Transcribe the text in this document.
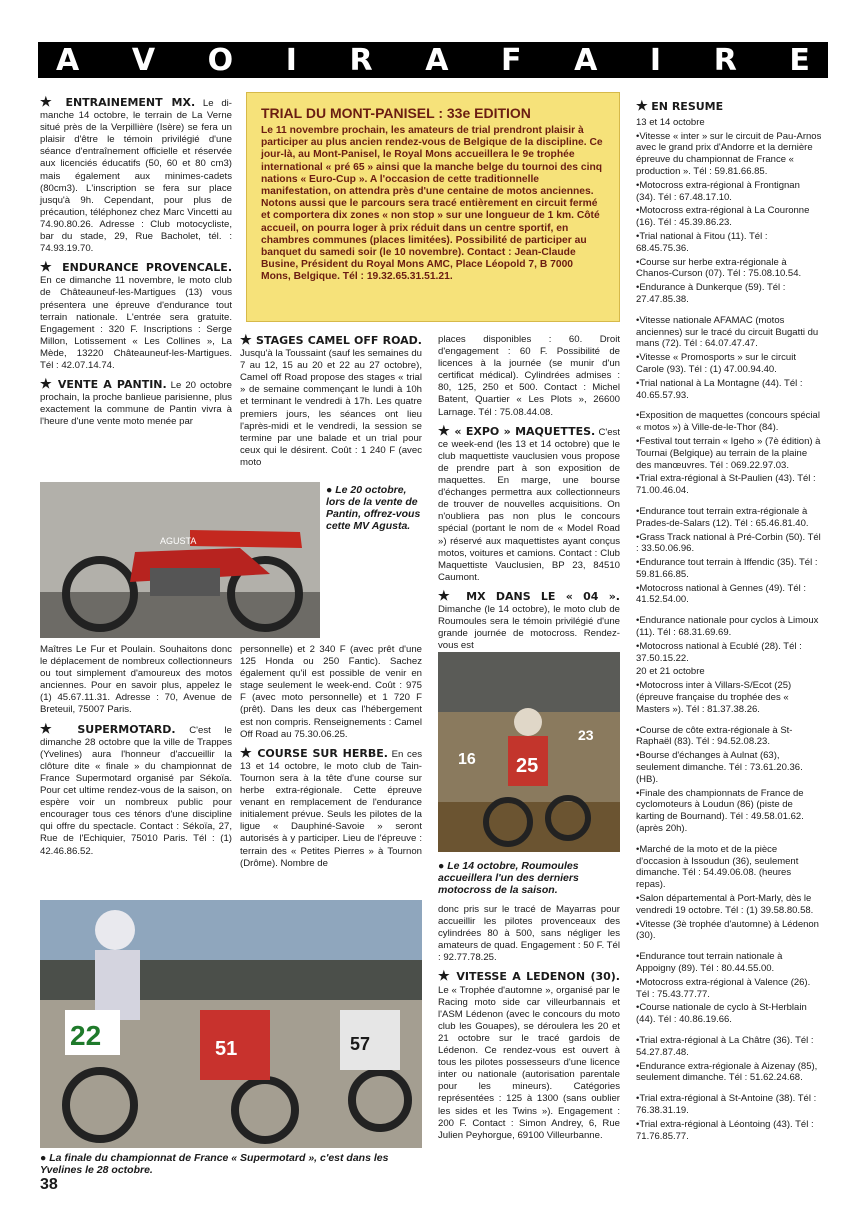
A V O I R A F A I R E

★ ENTRAINEMENT MX. Le di-manche 14 octobre, le terrain de La Verne situé près de la Verpillière (Isère) se fera un plaisir d'être le témoin privilégié d'une séance d'entraînement officielle et réservée aux licenciés éducatifs (50, 60 et 80 cm3) mais également aux minimes-cadets (80cm3). L'inscription se fera sur place jusqu'à 9h. Cependant, pour plus de précaution, téléphonez chez Marc Vincetti au 74.90.80.26. Adresse : Club motocycliste, bar du stade, 29, Rue Bacholet, tél. : 74.93.19.70.

★ ENDURANCE PROVENCALE. En ce dimanche 11 novembre, le moto club de Châteauneuf-les-Martigues (13) vous présentera une épreuve d'endurance tout terrain nationale. L'entrée sera gratuite. Engagement : 320 F. Inscriptions : Serge Millon, Lotissement « Les Collines », La Mède, 13220 Châteauneuf-les-Martigues. Tél : 42.07.14.74.

★ VENTE A PANTIN. Le 20 octobre prochain, la proche banlieue parisienne, plus exactement la commune de Pantin vivra à l'heure d'une vente moto menée par

TRIAL DU MONT-PANISEL : 33e EDITION
Le 11 novembre prochain, les amateurs de trial prendront plaisir à participer au plus ancien rendez-vous de Belgique de la discipline. Ce jour-là, au Mont-Panisel, le Royal Mons accueillera le 9e trophée international « pré 65 » ainsi que la manche belge du tournoi des cinq nations « Euro-Cup ». A l'occasion de cette traditionnelle manifestation, on attendra près d'une centaine de motos anciennes. Notons aussi que le parcours sera tracé entièrement en circuit fermé et comportera dix zones « non stop » sur une longueur de 1 km. Côté accueil, on pourra loger à prix réduit dans un centre sportif, en chambres communes (places limitées). Possibilité de participer au banquet du samedi soir (le 10 novembre). Contact : Jean-Claude Busine, Président du Royal Mons AMC, Place Léopold 7, B 7000 Mons, Belgique. Tél : 19.32.65.31.51.21.
AGUSTA
● Le 20 octobre, lors de la vente de Pantin, offrez-vous cette MV Agusta.

Maîtres Le Fur et Poulain. Souhaitons donc le déplacement de nombreux collectionneurs ou tout simplement d'amoureux des motos anciennes. Pour en savoir plus, appelez le (1) 45.67.11.31. Adresse : 70, Avenue de Breteuil, 75007 Paris.

★ SUPERMOTARD. C'est le dimanche 28 octobre que la ville de Trappes (Yvelines) aura l'honneur d'accueillir la clôture dite « finale » du championnat de France Supermotard organisé par Sékoïa. Pour cet ultime rendez-vous de la saison, on espère voir un nombreux public pour encourager tous ces ténors d'une discipline qui offre du spectacle. Contact : Sékoïa, 27, Rue de l'Echiquier, 75010 Paris. Tél : (1) 42.46.86.52.

★ STAGES CAMEL OFF ROAD. Jusqu'à la Toussaint (sauf les semaines du 7 au 12, 15 au 20 et 22 au 27 octobre), Camel off Road propose des stages « trial » de semaine commençant le lundi à 10h et terminant le vendredi à 17h. Les quatre premiers jours, les séances ont lieu l'après-midi et le vendredi, la session se termine par une balade et un trial pour ceux qui le désirent. Coût : 1 240 F (avec moto

personnelle) et 2 340 F (avec prêt d'une 125 Honda ou 250 Fantic). Sachez également qu'il est possible de venir en stage seulement le week-end. Coût : 975 F (avec moto personnelle) et 1 720 F (prêt). Dans les deux cas l'hébergement est non compris. Renseignements : Camel Off Road au 75.30.06.25.

★ COURSE SUR HERBE. En ces 13 et 14 octobre, le moto club de Tain-Tournon sera à la tête d'une course sur herbe extra-régionale. Cette épreuve venant en remplacement de l'endurance initialement prévue. Seuls les pilotes de la ligue « Dauphiné-Savoie » seront autorisés à y participer. Lieu de l'épreuve : terrain des « Petites Pierres » à Tournon (Drôme). Nombre de

places disponibles : 60. Droit d'engagement : 60 F. Possibilité de licences à la journée (se munir d'un certificat médical). Cylindrées admises : 80, 125, 250 et 500. Contact : Michel Batent, Quartier « Les Plots », 26600 Larnage. Tél : 75.08.44.08.

★ « EXPO » MAQUETTES. C'est ce week-end (les 13 et 14 octobre) que le club maquettiste vauclusien vous propose de prendre part à son exposition de maquettes. En marge, une bourse d'échanges permettra aux collectionneurs de trouver de nouvelles acquisitions. On n'oubliera pas non plus le concours spécial (portant le nom de « Model Road ») réservé aux maquettistes ayant conçus motos, voitures et camions. Contact : Club Maquettiste Vauclusien, BP 23, 84510 Caumont.

★ MX DANS LE « 04 ». Dimanche (le 14 octobre), le moto club de Roumoules sera le témoin privilégié d'une grande journée de motocross. Rendez-vous est

25
16
23
● Le 14 octobre, Roumoules accueillera l'un des derniers motocross de la saison.

donc pris sur le tracé de Mayarras pour accueillir les pilotes provenceaux des cylindrées 80 à 500, sans négliger les amateurs de quad. Engagement : 50 F. Tél : 92.77.78.25.

★ VITESSE A LEDENON (30). Le « Trophée d'automne », organisé par le Racing moto side car villeurbannais et l'ASM Lédenon (avec le concours du moto club les Gouapes), se déroulera les 20 et 21 octobre sur le tracé gardois de Lédenon. Ce rendez-vous est ouvert à tous les pilotes possesseurs d'une licence inter ou nationale (autorisation parentale pour les mineurs). Catégories représentées : 125 à 1300 (sans oublier les sides et les Twins »). Engagement : 200 F. Contact : Simon Andrey, 6, Rue Julien Peyhorgue, 69100 Villeurbanne.

22	51	57
● La finale du championnat de France « Supermotard », c'est dans les Yvelines le 28 octobre.
★ EN RESUME
13 et 14 octobre
•Vitesse « inter » sur le circuit de Pau-Arnos avec le grand prix d'Andorre et la dernière épreuve du championnat de France « production ». Tél : 59.81.66.85.
•Motocross extra-régional à Frontignan (34). Tél : 67.48.17.10.
•Motocross extra-régional à La Couronne (16). Tél : 45.39.86.23.
•Trial national à Fitou (11). Tél : 68.45.75.36.
•Course sur herbe extra-régionale à Chanos-Curson (07). Tél : 75.08.10.54.
•Endurance à Dunkerque (59). Tél : 27.47.85.38.
•Vitesse nationale AFAMAC (motos anciennes) sur le tracé du circuit Bugatti du mans (72). Tél : 64.07.47.47.
•Vitesse « Promosports » sur le circuit Carole (93). Tél : (1) 47.00.94.40.
•Trial national à La Montagne (44). Tél : 40.65.57.93.
•Exposition de maquettes (concours spécial « motos ») à Ville-de-le-Thor (84).
•Festival tout terrain « Igeho » (7è édition) à Tournai (Belgique) au terrain de la plaine des manœuvres. Tél : 069.22.97.03.
•Trial extra-régional à St-Paulien (43). Tél : 71.00.46.04.
•Endurance tout terrain extra-régionale à Prades-de-Salars (12). Tél : 65.46.81.40.
•Grass Track national à Pré-Corbin (50). Tél : 33.50.06.96.
•Endurance tout terrain à Iffendic (35). Tél : 59.81.66.85.
•Motocross national à Gennes (49). Tél : 41.52.54.00.
•Endurance nationale pour cyclos à Limoux (11). Tél : 68.31.69.69.
•Motocross national à Ecublé (28). Tél : 37.50.15.22.
20 et 21 octobre
•Motocross inter à Villars-S/Ecot (25) (épreuve française du trophée des « Masters »). Tél : 81.37.38.26.
•Course de côte extra-régionale à St-Raphaël (83). Tél : 94.52.08.23.
•Bourse d'échanges à Aulnat (63), seulement dimanche. Tél : 73.61.20.36. (HB).
•Finale des championnats de France de cyclomoteurs à Loudun (86) (piste de karting de Bournand). Tél : 49.58.01.62. (après 20h).
•Marché de la moto et de la pièce d'occasion à Issoudun (36), seulement dimanche. Tél : 54.49.06.08. (heures repas).
•Salon départemental à Port-Marly, dès le vendredi 19 octobre. Tél : (1) 39.58.80.58.
•Vitesse (3è trophée d'automne) à Lédenon (30).
•Endurance tout terrain nationale à Appoigny (89). Tél : 80.44.55.00.
•Motocross extra-régional à Valence (26). Tél : 75.43.77.77.
•Course nationale de cyclo à St-Herblain (44). Tél : 40.86.19.66.
•Trial extra-régional à La Châtre (36). Tél : 54.27.87.48.
•Endurance extra-régionale à Aizenay (85), seulement dimanche. Tél : 51.62.24.68.
•Trial extra-régional à St-Antoine (38). Tél : 76.38.31.19.
•Trial extra-régional à Léontoing (43). Tél : 71.76.85.77.
38
